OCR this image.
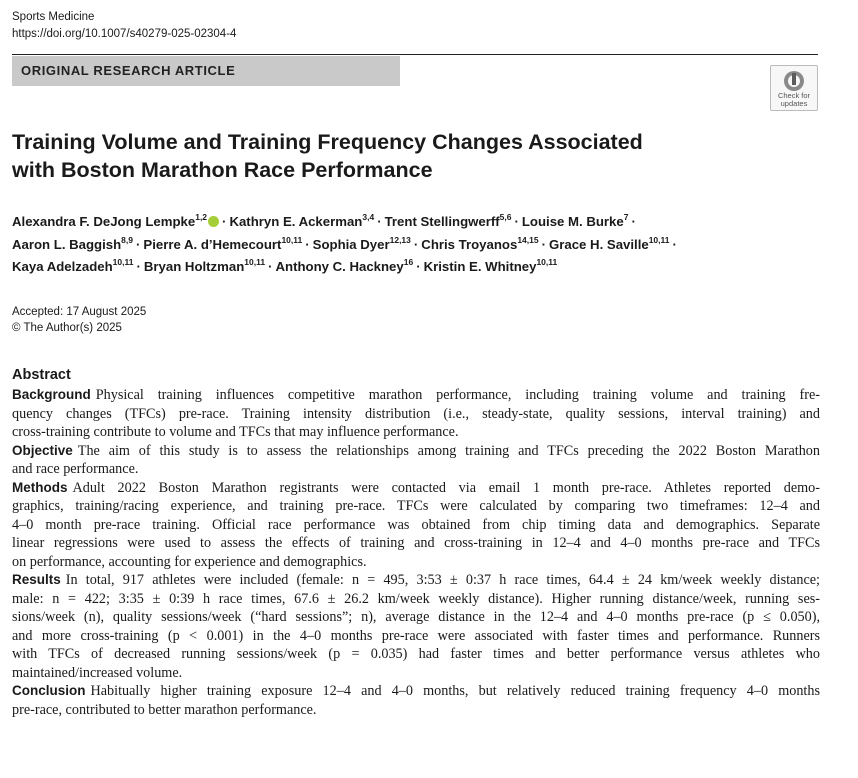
Sports Medicine
https://doi.org/10.1007/s40279-025-02304-4
ORIGINAL RESEARCH ARTICLE
Check for
updates
Training Volume and Training Frequency Changes Associated
with Boston Marathon Race Performance
Alexandra F. DeJong Lempke$^{1,2}$ · Kathryn E. Ackerman$^{3,4}$ · Trent Stellingwerff$^{5,6}$ · Louise M. Burke$^7$ ·
Aaron L. Baggish$^{8,9}$ · Pierre A. d’Hemecourt$^{10,11}$ · Sophia Dyer$^{12,13}$ · Chris Troyanos$^{14,15}$ · Grace H. Saville$^{10,11}$ ·
Kaya Adelzadeh$^{10,11}$ · Bryan Holtzman$^{10,11}$ · Anthony C. Hackney$^{16}$ · Kristin E. Whitney$^{10,11}$
Accepted: 17 August 2025
© The Author(s) 2025
Abstract
Background Physical training influences competitive marathon performance, including training volume and training fre-
quency changes (TFCs) pre-race. Training intensity distribution (i.e., steady-state, quality sessions, interval training) and
cross-training contribute to volume and TFCs that may influence performance.
Objective The aim of this study is to assess the relationships among training and TFCs preceding the 2022 Boston Marathon
and race performance.
Methods Adult 2022 Boston Marathon registrants were contacted via email 1 month pre-race. Athletes reported demo-
graphics, training/racing experience, and training pre-race. TFCs were calculated by comparing two timeframes: 12–4 and
4–0 month pre-race training. Official race performance was obtained from chip timing data and demographics. Separate
linear regressions were used to assess the effects of training and cross-training in 12–4 and 4–0 months pre-race and TFCs
on performance, accounting for experience and demographics.
Results In total, 917 athletes were included (female: n = 495, 3:53 ± 0:37 h race times, 64.4 ± 24 km/week weekly distance;
male: n = 422; 3:35 ± 0:39 h race times, 67.6 ± 26.2 km/week weekly distance). Higher running distance/week, running ses-
sions/week (n), quality sessions/week (“hard sessions”; n), average distance in the 12–4 and 4–0 months pre-race (p ≤ 0.050),
and more cross-training (p < 0.001) in the 4–0 months pre-race were associated with faster times and performance. Runners
with TFCs of decreased running sessions/week (p = 0.035) had faster times and better performance versus athletes who
maintained/increased volume.
Conclusion Habitually higher training exposure 12–4 and 4–0 months, but relatively reduced training frequency 4–0 months
pre-race, contributed to better marathon performance.
